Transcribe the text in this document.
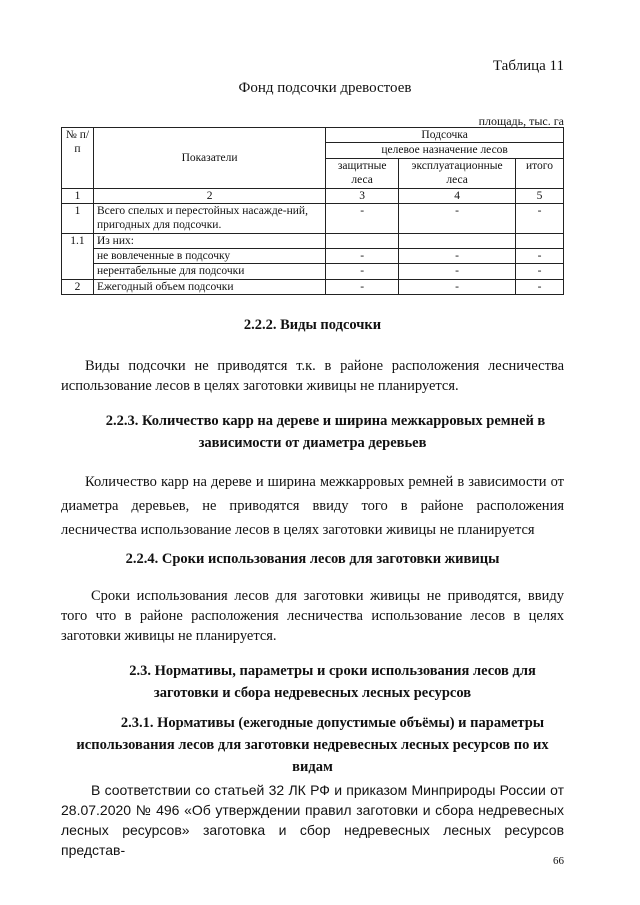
Таблица 11
Фонд подсочки древостоев
площадь, тыс. га
№ п/п	Показатели	Подсочка		
		целевое назначение лесов		
		защитные леса	эксплуатационные леса	итого
1	2	3	4	5
1	Всего спелых и перестойных насажде-ний, пригодных для подсочки.	-	-	-
1.1	Из них:			
	не вовлеченные в подсочку	-	-	-
	нерентабельные для подсочки	-	-	-
2	Ежегодный объем подсочки	-	-	-
2.2.2. Виды подсочки

Виды подсочки не приводятся т.к. в районе расположения лесничества использование лесов в целях заготовки живицы не планируется.

2.2.3. Количество карр на дереве и ширина межкарровых ремней в
зависимости от диаметра деревьев

Количество карр на дереве и ширина межкарровых ремней в зависимости от диаметра деревьев, не приводятся ввиду того в районе расположения лесничества использование лесов в целях заготовки живицы не планируется

2.2.4. Сроки использования лесов для заготовки живицы

Сроки использования лесов для заготовки живицы не приводятся, ввиду того что в районе расположения лесничества использование лесов в целях заготовки живицы не планируется.

2.3. Нормативы, параметры и сроки использования лесов для
заготовки и сбора недревесных лесных ресурсов
2.3.1. Нормативы (ежегодные допустимые объёмы) и параметры
использования лесов для заготовки недревесных лесных ресурсов по их
видам

В соответствии со статьей 32 ЛК РФ и приказом Минприроды России от 28.07.2020 № 496 «Об утверждении правил заготовки и сбора недревесных лесных ресурсов» заготовка и сбор недревесных лесных ресурсов представ-

66
